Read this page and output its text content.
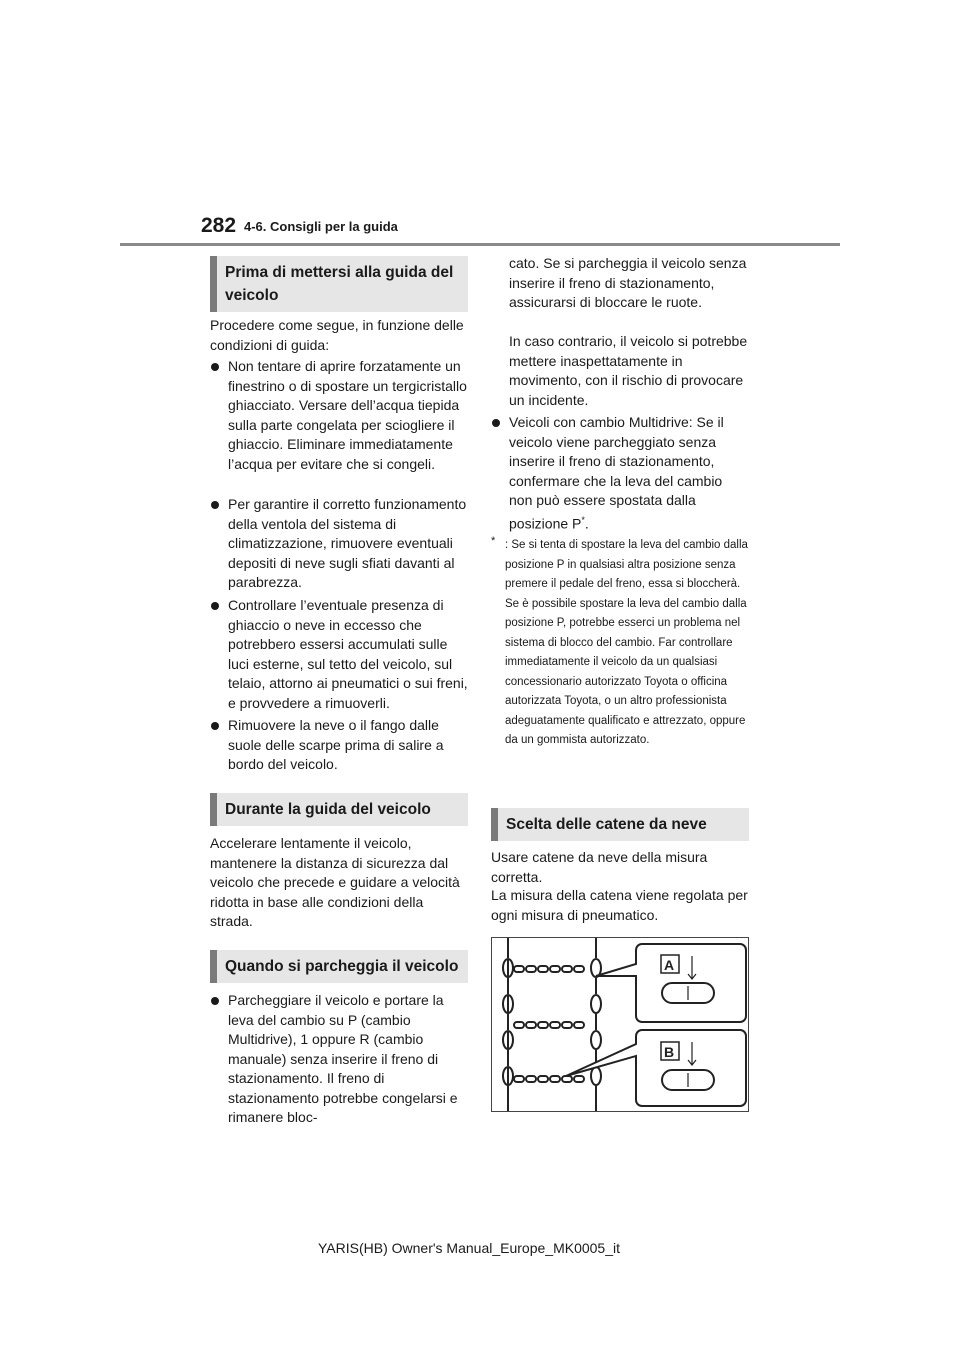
282 4-6. Consigli per la guida
Prima di mettersi alla guida del veicolo

Procedere come segue, in funzione delle condizioni di guida:

Non tentare di aprire forzatamente un finestrino o di spostare un tergicristallo ghiacciato. Versare dell’acqua tiepida sulla parte congelata per sciogliere il ghiaccio. Eliminare immediatamente l’acqua per evitare che si congeli.
Per garantire il corretto funzionamento della ventola del sistema di climatizzazione, rimuovere eventuali depositi di neve sugli sfiati davanti al parabrezza.
Controllare l’eventuale presenza di ghiaccio o neve in eccesso che potrebbero essersi accumulati sulle luci esterne, sul tetto del veicolo, sul telaio, attorno ai pneumatici o sui freni, e provvedere a rimuoverli.
Rimuovere la neve o il fango dalle suole delle scarpe prima di salire a bordo del veicolo.
Durante la guida del veicolo

Accelerare lentamente il veicolo, mantenere la distanza di sicurezza dal veicolo che precede e guidare a velocità ridotta in base alle condizioni della strada.

Quando si parcheggia il veicolo
Parcheggiare il veicolo e portare la leva del cambio su P (cambio Multidrive), 1 oppure R (cambio manuale) senza inserire il freno di stazionamento. Il freno di stazionamento potrebbe congelarsi e rimanere bloc-

cato. Se si parcheggia il veicolo senza inserire il freno di stazionamento, assicurarsi di bloccare le ruote.

In caso contrario, il veicolo si potrebbe mettere inaspettatamente in movimento, con il rischio di provocare un incidente.

Veicoli con cambio Multidrive: Se il veicolo viene parcheggiato senza inserire il freno di stazionamento, confermare che la leva del cambio non può essere spostata dalla posizione P*.
* : Se si tenta di spostare la leva del cambio dalla posizione P in qualsiasi altra posizione senza premere il pedale del freno, essa si bloccherà. Se è possibile spostare la leva del cambio dalla posizione P, potrebbe esserci un problema nel sistema di blocco del cambio. Far controllare immediatamente il veicolo da un qualsiasi concessionario autorizzato Toyota o officina autorizzata Toyota, o un altro professionista adeguatamente qualificato e attrezzato, oppure da un gommista autorizzato.
Scelta delle catene da neve

Usare catene da neve della misura corretta.

La misura della catena viene regolata per ogni misura di pneumatico.

A
B
YARIS(HB) Owner's Manual_Europe_MK0005_it
